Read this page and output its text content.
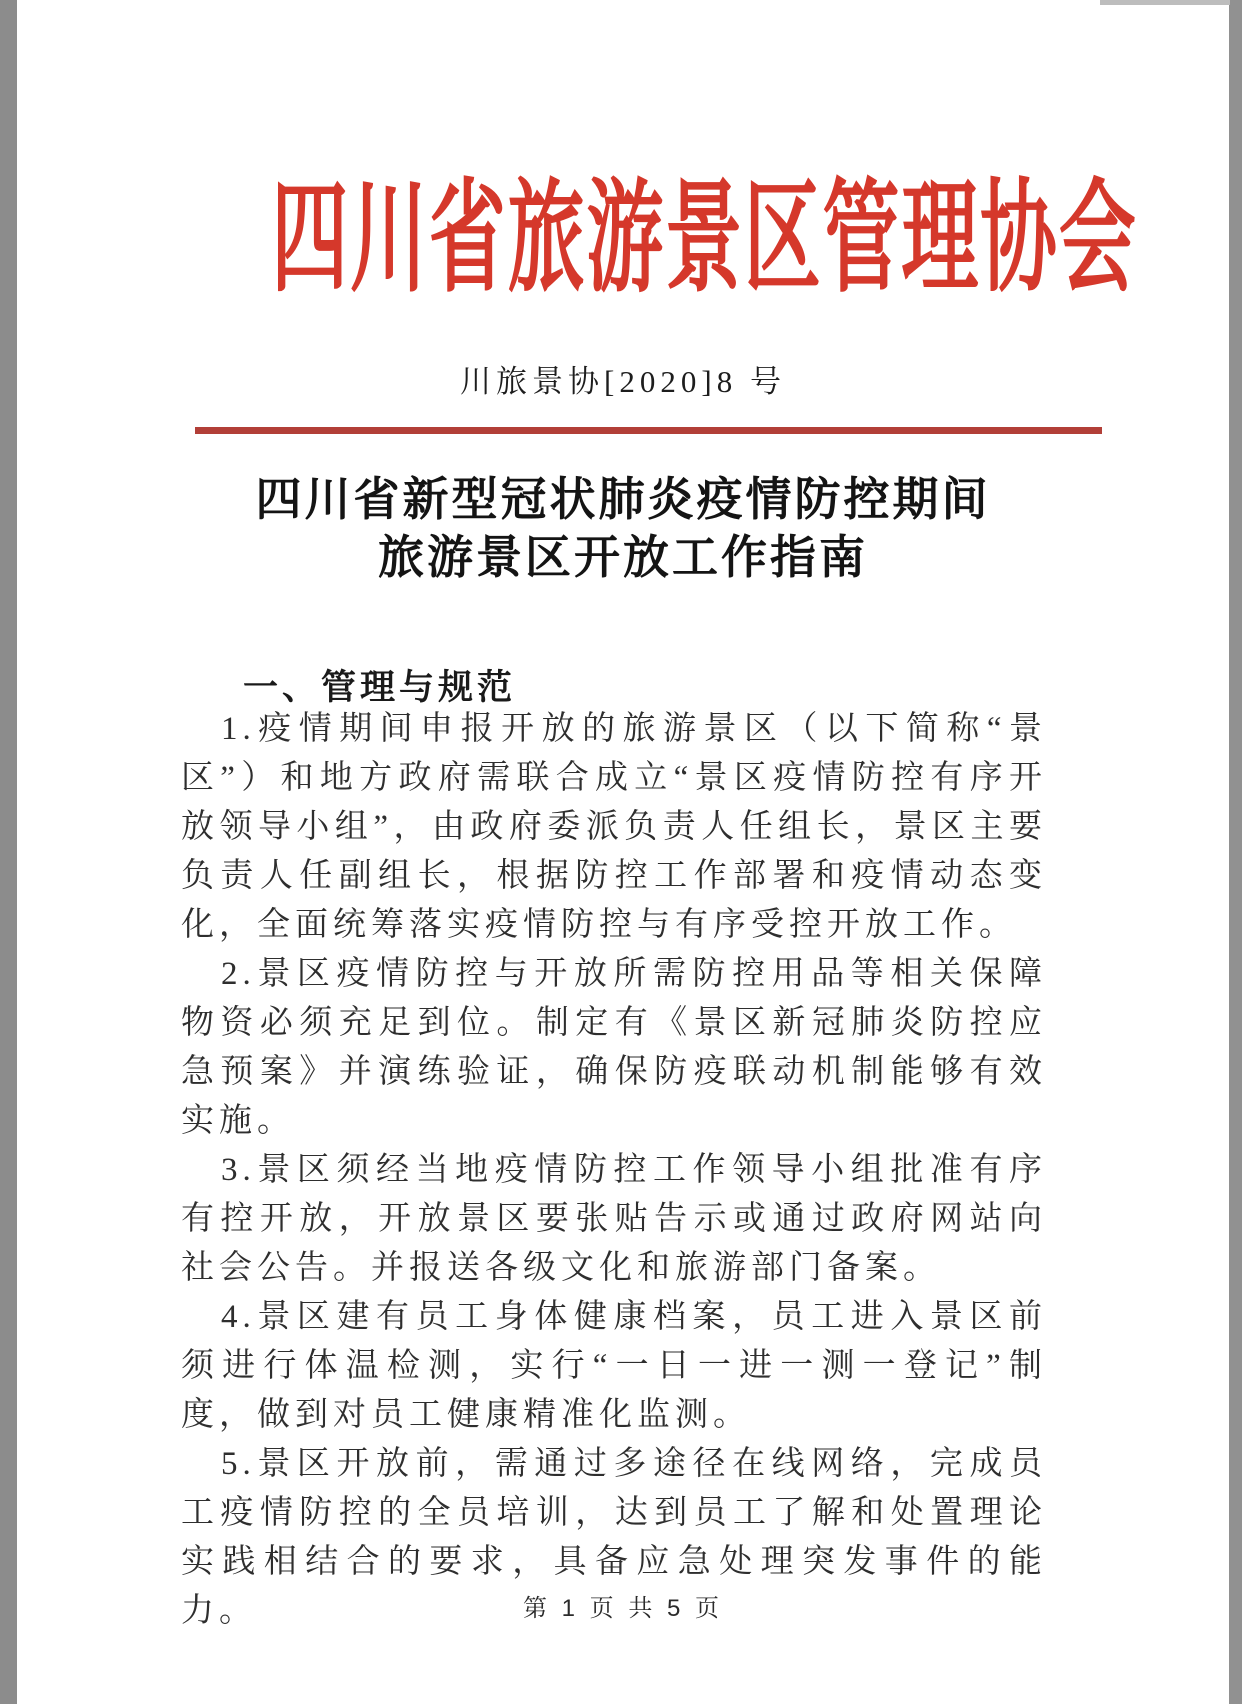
四川省旅游景区管理协会
川旅景协[2020]8 号
四川省新型冠状肺炎疫情防控期间
旅游景区开放工作指南
一、管理与规范

1.疫情期间申报开放的旅游景区（以下简称“景区”）和地方政府需联合成立“景区疫情防控有序开放领导小组”，由政府委派负责人任组长，景区主要负责人任副组长，根据防控工作部署和疫情动态变化，全面统筹落实疫情防控与有序受控开放工作。

2.景区疫情防控与开放所需防控用品等相关保障物资必须充足到位。制定有《景区新冠肺炎防控应急预案》并演练验证，确保防疫联动机制能够有效实施。

3.景区须经当地疫情防控工作领导小组批准有序有控开放，开放景区要张贴告示或通过政府网站向社会公告。并报送各级文化和旅游部门备案。

4.景区建有员工身体健康档案，员工进入景区前须进行体温检测，实行“一日一进一测一登记”制度，做到对员工健康精准化监测。

5.景区开放前，需通过多途径在线网络，完成员工疫情防控的全员培训，达到员工了解和处置理论实践相结合的要求，具备应急处理突发事件的能力。	第 1 页 共 5 页
